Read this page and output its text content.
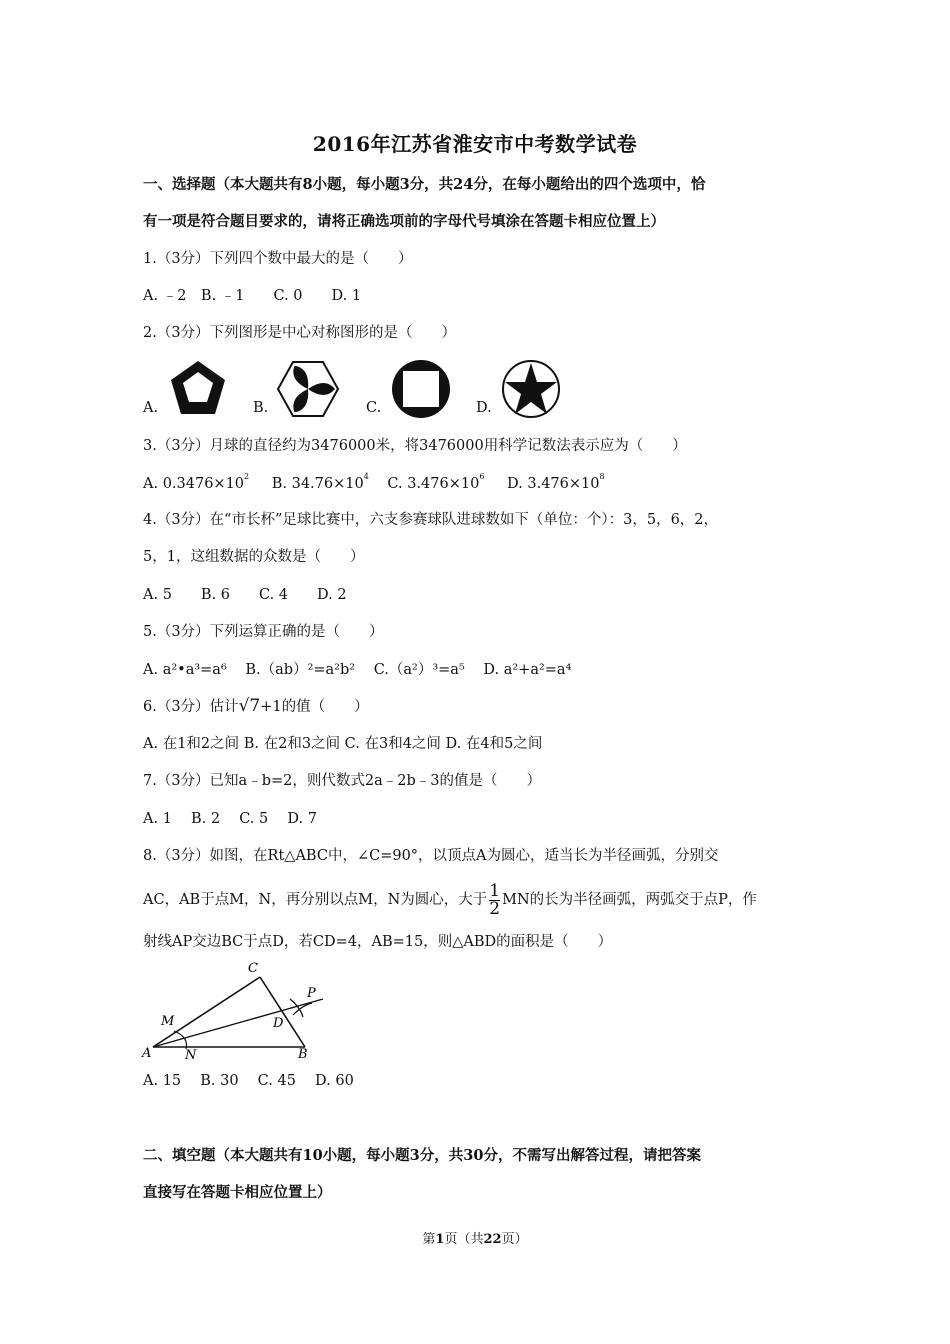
2016年江苏省淮安市中考数学试卷
一、选择题（本大题共有8小题，每小题3分，共24分，在每小题给出的四个选项中，恰
有一项是符合题目要求的，请将正确选项前的字母代号填涂在答题卡相应位置上）
1.（3分）下列四个数中最大的是（　　）
A. ﹣2　B. ﹣1　　C. 0　　D. 1
2.（3分）下列图形是中心对称图形的是（　　）
A.	B.	C.	D.
3.（3分）月球的直径约为3476000米，将3476000用科学记数法表示应为（　　）
A. $0.3476\times 10^2$ B. $34.76\times 10^4$ C. $3.476\times 10^6$ D. $3.476\times 10^8$
4.（3分）在“市长杯”足球比赛中，六支参赛球队进球数如下（单位：个）：3，5，6，2，
5，1，这组数据的众数是（　　）
A. 5　　B. 6　　C. 4　　D. 2
5.（3分）下列运算正确的是（　　）
A. a²•a³=a⁶ B.（ab）²=a²b² C.（a²）³=a⁵ D. a²+a²=a⁴
6.（3分）估计√7+1的值（　　）
A. 在1和2之间 B. 在2和3之间 C. 在3和4之间 D. 在4和5之间
7.（3分）已知a﹣b=2，则代数式2a﹣2b﹣3的值是（　　）
A. 1　 B. 2　 C. 5　 D. 7
8.（3分）如图，在Rt△ABC中，∠C=90°，以顶点A为圆心，适当长为半径画弧，分别交
AC，AB于点M，N，再分别以点M，N为圆心，大于 $\frac{1}{2}$ MN的长为半径画弧，两弧交于点P，作
射线AP交边BC于点D，若CD=4，AB=15，则△ABD的面积是（　　）
A	B
C
D
M
N
P
A. 15　 B. 30　 C. 45　 D. 60
二、填空题（本大题共有10小题，每小题3分，共30分，不需写出解答过程，请把答案
直接写在答题卡相应位置上）
第1页（共22页）
